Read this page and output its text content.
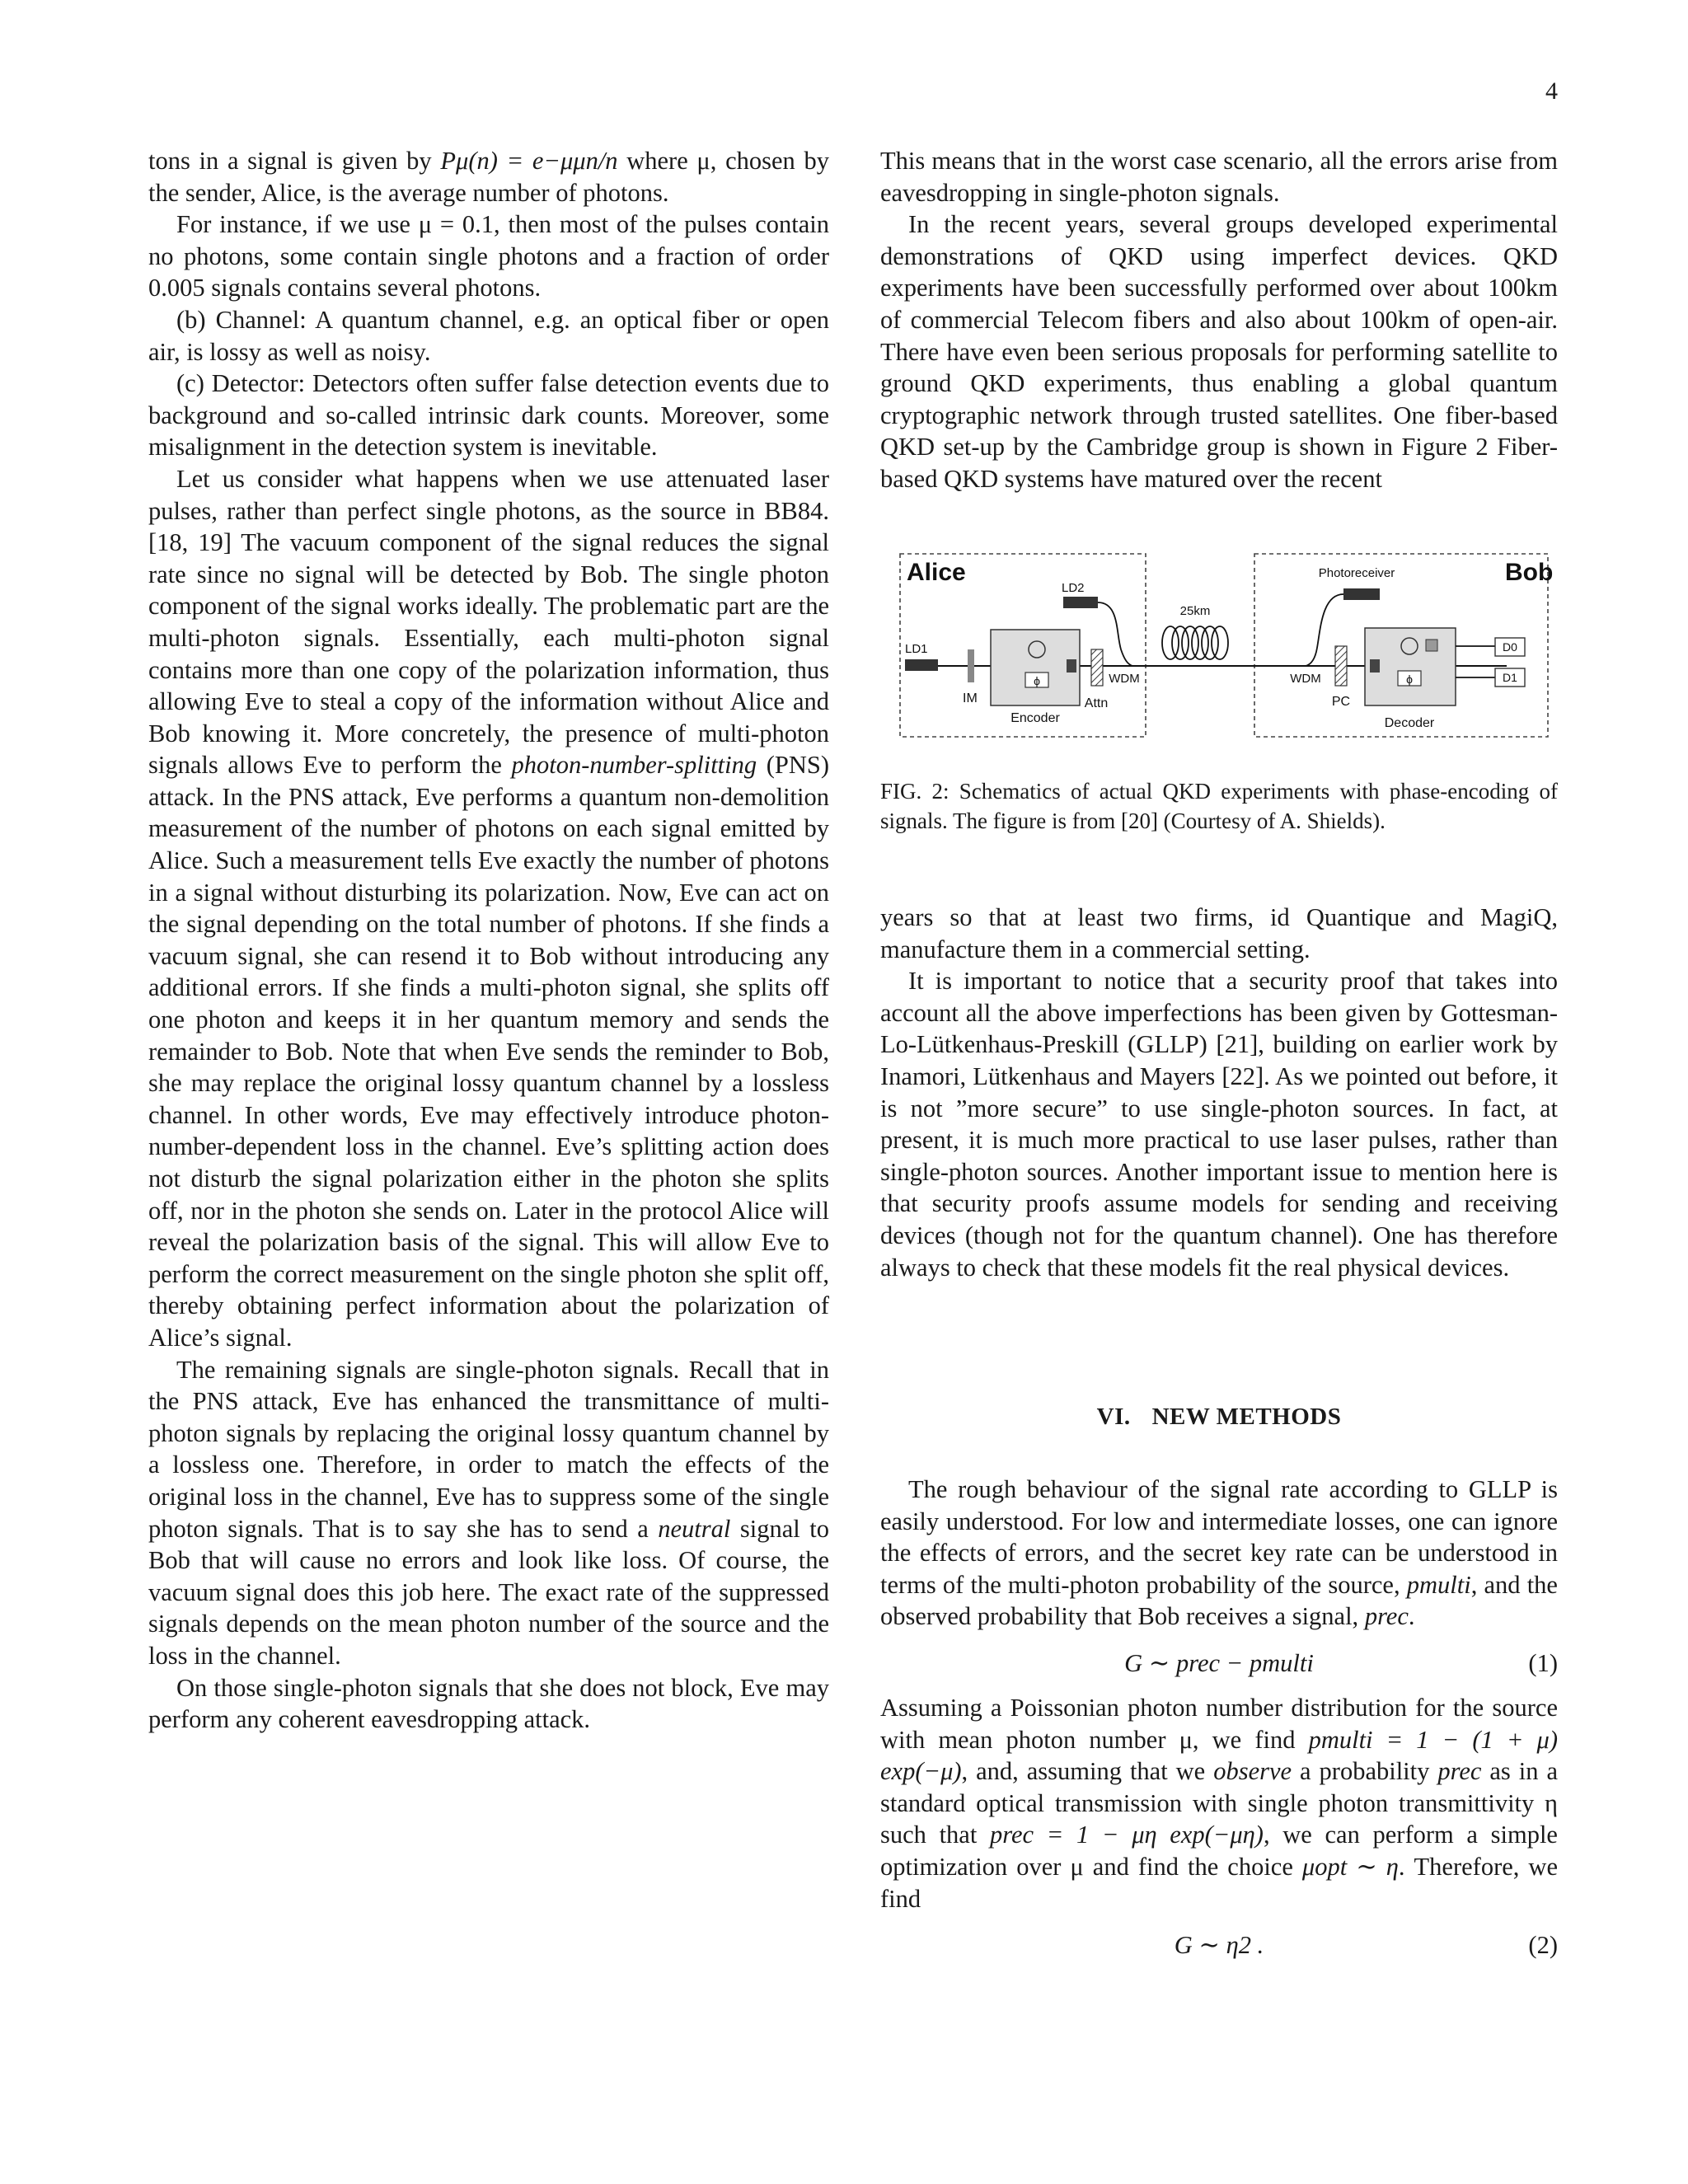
4

tons in a signal is given by Pμ(n) = e−μμn/n where μ, chosen by the sender, Alice, is the average number of photons.

For instance, if we use μ = 0.1, then most of the pulses contain no photons, some contain single photons and a fraction of order 0.005 signals contains several photons.

(b) Channel: A quantum channel, e.g. an optical fiber or open air, is lossy as well as noisy.

(c) Detector: Detectors often suffer false detection events due to background and so-called intrinsic dark counts. Moreover, some misalignment in the detection system is inevitable.

Let us consider what happens when we use attenuated laser pulses, rather than perfect single photons, as the source in BB84. [18, 19] The vacuum component of the signal reduces the signal rate since no signal will be detected by Bob. The single photon component of the signal works ideally. The problematic part are the multi-photon signals. Essentially, each multi-photon signal contains more than one copy of the polarization information, thus allowing Eve to steal a copy of the information without Alice and Bob knowing it. More concretely, the presence of multi-photon signals allows Eve to perform the photon-number-splitting (PNS) attack. In the PNS attack, Eve performs a quantum non-demolition measurement of the number of photons on each signal emitted by Alice. Such a measurement tells Eve exactly the number of photons in a signal without disturbing its polarization. Now, Eve can act on the signal depending on the total number of photons. If she finds a vacuum signal, she can resend it to Bob without introducing any additional errors. If she finds a multi-photon signal, she splits off one photon and keeps it in her quantum memory and sends the remainder to Bob. Note that when Eve sends the reminder to Bob, she may replace the original lossy quantum channel by a lossless channel. In other words, Eve may effectively introduce photon-number-dependent loss in the channel. Eve’s splitting action does not disturb the signal polarization either in the photon she splits off, nor in the photon she sends on. Later in the protocol Alice will reveal the polarization basis of the signal. This will allow Eve to perform the correct measurement on the single photon she split off, thereby obtaining perfect information about the polarization of Alice’s signal.

The remaining signals are single-photon signals. Recall that in the PNS attack, Eve has enhanced the transmittance of multi-photon signals by replacing the original lossy quantum channel by a lossless one. Therefore, in order to match the effects of the original loss in the channel, Eve has to suppress some of the single photon signals. That is to say she has to send a neutral signal to Bob that will cause no errors and look like loss. Of course, the vacuum signal does this job here. The exact rate of the suppressed signals depends on the mean photon number of the source and the loss in the channel.

On those single-photon signals that she does not block, Eve may perform any coherent eavesdropping attack.

This means that in the worst case scenario, all the errors arise from eavesdropping in single-photon signals.

In the recent years, several groups developed experimental demonstrations of QKD using imperfect devices. QKD experiments have been successfully performed over about 100km of commercial Telecom fibers and also about 100km of open-air. There have even been serious proposals for performing satellite to ground QKD experiments, thus enabling a global quantum cryptographic network through trusted satellites. One fiber-based QKD set-up by the Cambridge group is shown in Figure 2 Fiber-based QKD systems have matured over the recent

Alice	Bob
LD1
IM
ϕ
Encoder
Attn
WDM
LD2
25km
WDM
Photoreceiver
PC
ϕ
Decoder
D0
D1
FIG. 2: Schematics of actual QKD experiments with phase-encoding of signals. The figure is from [20] (Courtesy of A. Shields).

years so that at least two firms, id Quantique and MagiQ, manufacture them in a commercial setting.

It is important to notice that a security proof that takes into account all the above imperfections has been given by Gottesman-Lo-Lütkenhaus-Preskill (GLLP) [21], building on earlier work by Inamori, Lütkenhaus and Mayers [22]. As we pointed out before, it is not ”more secure” to use single-photon sources. In fact, at present, it is much more practical to use laser pulses, rather than single-photon sources. Another important issue to mention here is that security proofs assume models for sending and receiving devices (though not for the quantum channel). One has therefore always to check that these models fit the real physical devices.

VI. NEW METHODS

The rough behaviour of the signal rate according to GLLP is easily understood. For low and intermediate losses, one can ignore the effects of errors, and the secret key rate can be understood in terms of the multi-photon probability of the source, pmulti, and the observed probability that Bob receives a signal, prec.

G ∼ prec − pmulti	(1)

Assuming a Poissonian photon number distribution for the source with mean photon number μ, we find pmulti = 1 − (1 + μ) exp(−μ), and, assuming that we observe a probability prec as in a standard optical transmission with single photon transmittivity η such that prec = 1 − μη exp(−μη), we can perform a simple optimization over μ and find the choice μopt ∼ η. Therefore, we find

G ∼ η2 .	(2)
